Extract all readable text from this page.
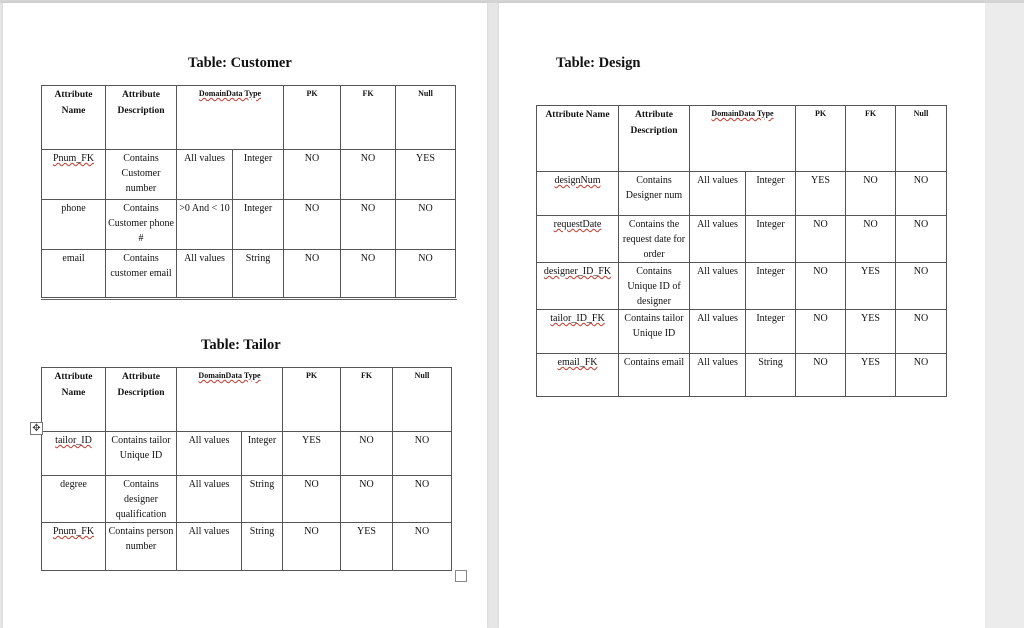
Table: Customer
Attribute Name	Attribute Description	DomainData Type		PK	FK	Null
Pnum_FK	Contains Customer number	All values	Integer	NO	NO	YES
phone	Contains Customer phone #	>0 And < 10	Integer	NO	NO	NO
email	Contains customer email	All values	String	NO	NO	NO
Table: Tailor
Attribute Name	Attribute Description	DomainData Type		PK	FK	Null
tailor_ID	Contains tailor Unique ID	All values	Integer	YES	NO	NO
degree	Contains designer qualification	All values	String	NO	NO	NO
Pnum_FK	Contains person number	All values	String	NO	YES	NO
✥
Table: Design
Attribute Name	Attribute Description	DomainData Type		PK	FK	Null
designNum	Contains Designer num	All values	Integer	YES	NO	NO
requestDate	Contains the request date for order	All values	Integer	NO	NO	NO
designer_ID_FK	Contains Unique ID of designer	All values	Integer	NO	YES	NO
tailor_ID_FK	Contains tailor Unique ID	All values	Integer	NO	YES	NO
email_FK	Contains email	All values	String	NO	YES	NO
